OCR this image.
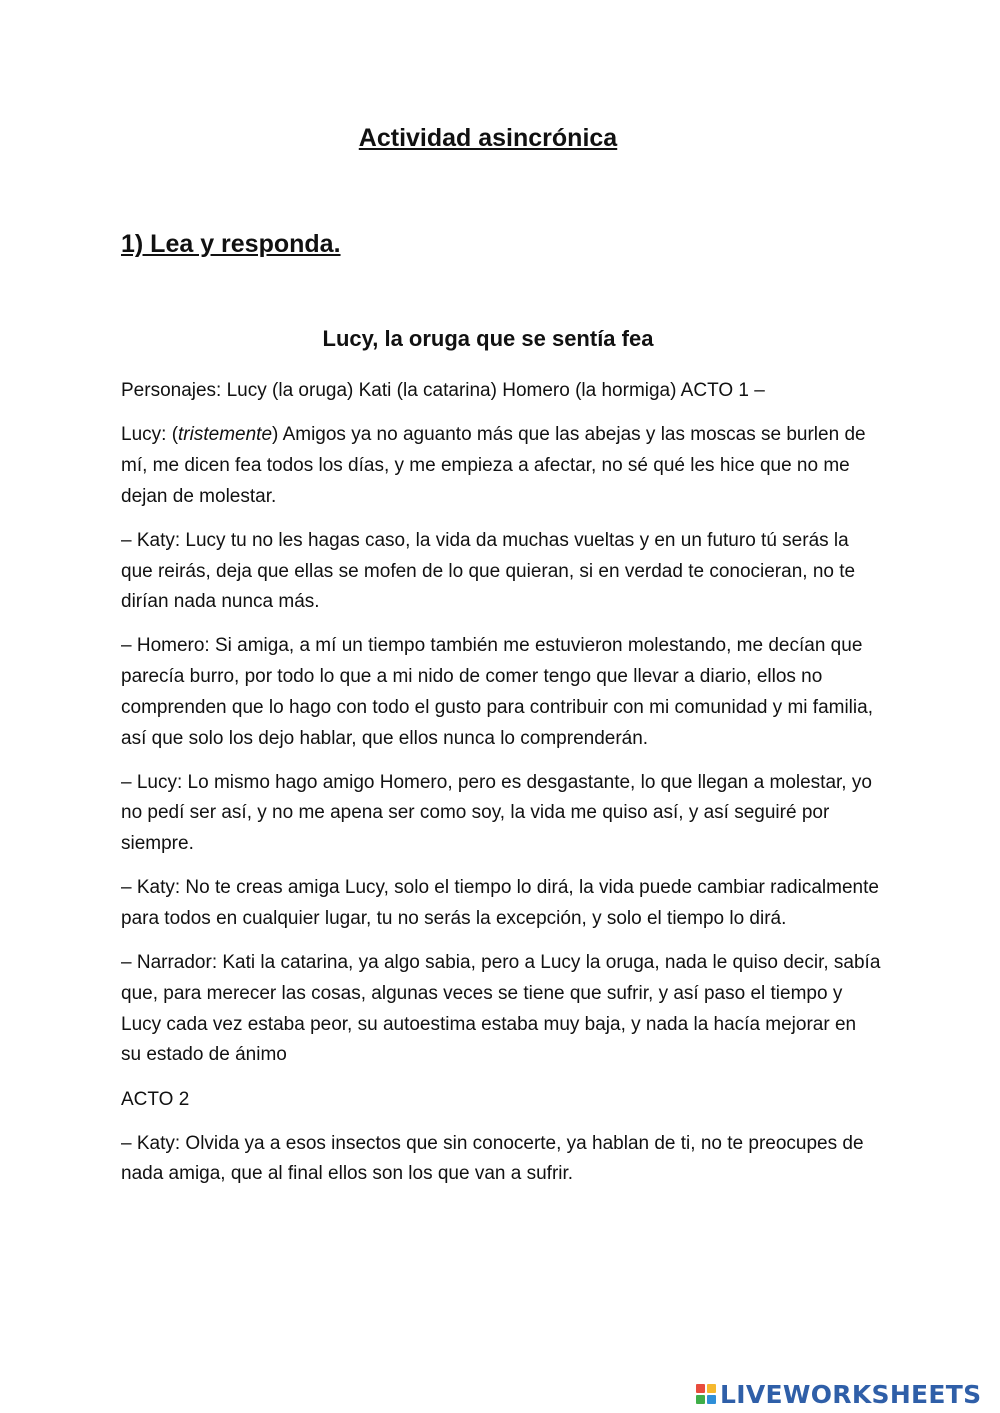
Actividad asincrónica
1) Lea y responda.
Lucy, la oruga que se sentía fea

Personajes: Lucy (la oruga) Kati (la catarina) Homero (la hormiga) ACTO 1 –

Lucy: (tristemente) Amigos ya no aguanto más que las abejas y las moscas se burlen de mí, me dicen fea todos los días, y me empieza a afectar, no sé qué les hice que no me dejan de molestar.

– Katy: Lucy tu no les hagas caso, la vida da muchas vueltas y en un futuro tú serás la que reirás, deja que ellas se mofen de lo que quieran, si en verdad te conocieran, no te dirían nada nunca más.

– Homero: Si amiga, a mí un tiempo también me estuvieron molestando, me decían que parecía burro, por todo lo que a mi nido de comer tengo que llevar a diario, ellos no comprenden que lo hago con todo el gusto para contribuir con mi comunidad y mi familia, así que solo los dejo hablar, que ellos nunca lo comprenderán.

– Lucy: Lo mismo hago amigo Homero, pero es desgastante, lo que llegan a molestar, yo no pedí ser así, y no me apena ser como soy, la vida me quiso así, y así seguiré por siempre.

– Katy: No te creas amiga Lucy, solo el tiempo lo dirá, la vida puede cambiar radicalmente para todos en cualquier lugar, tu no serás la excepción, y solo el tiempo lo dirá.

– Narrador: Kati la catarina, ya algo sabia, pero a Lucy la oruga, nada le quiso decir, sabía que, para merecer las cosas, algunas veces se tiene que sufrir, y así paso el tiempo y Lucy cada vez estaba peor, su autoestima estaba muy baja, y nada la hacía mejorar en su estado de ánimo

ACTO 2

– Katy: Olvida ya a esos insectos que sin conocerte, ya hablan de ti, no te preocupes de nada amiga, que al final ellos son los que van a sufrir.

LIVEWORKSHEETS
